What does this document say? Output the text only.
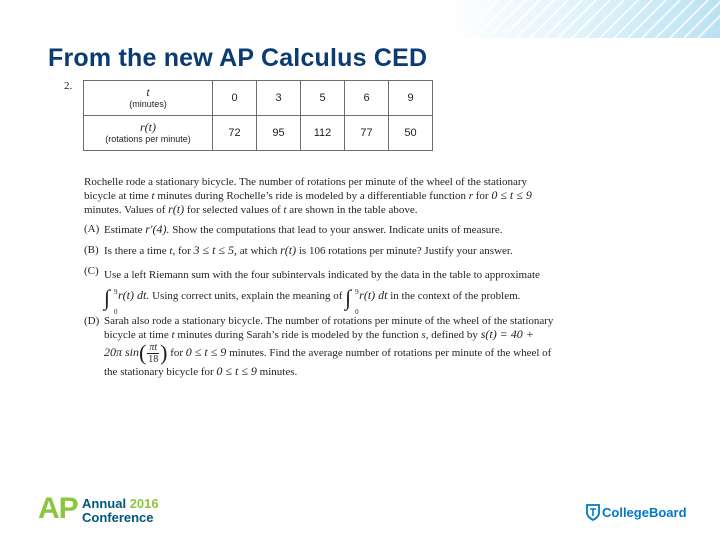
From the new AP Calculus CED
2.	t
(minutes)	0	3	5	6	9
r(t)
(rotations per minute)	72	95	112	77	50

Rochelle rode a stationary bicycle. The number of rotations per minute of the wheel of the stationary bicycle at time t minutes during Rochelle’s ride is modeled by a differentiable function r for 0 ≤ t ≤ 9 minutes. Values of r(t) for selected values of t are shown in the table above.

(A) Estimate r′(4). Show the computations that lead to your answer. Indicate units of measure.
(B) Is there a time t, for 3 ≤ t ≤ 5, at which r(t) is 106 rotations per minute? Justify your answer.
(C) Use a left Riemann sum with the four subintervals indicated by the data in the table to approximate ∫ 9
0
r(t) dt. Using correct units, explain the meaning of ∫ 9
0
r(t) dt in the context of the problem.
(D) Sarah also rode a stationary bicycle. The number of rotations per minute of the wheel of the stationary bicycle at time t minutes during Sarah’s ride is modeled by the function s, defined by s(t) = 40 + 20π $\sin( \frac{\pi t}{18}$ ) for 0 ≤ t ≤ 9 minutes. Find the average number of rotations per minute of the wheel of the stationary bicycle for 0 ≤ t ≤ 9 minutes.
AP Annual 2016
Conference	CollegeBoard
